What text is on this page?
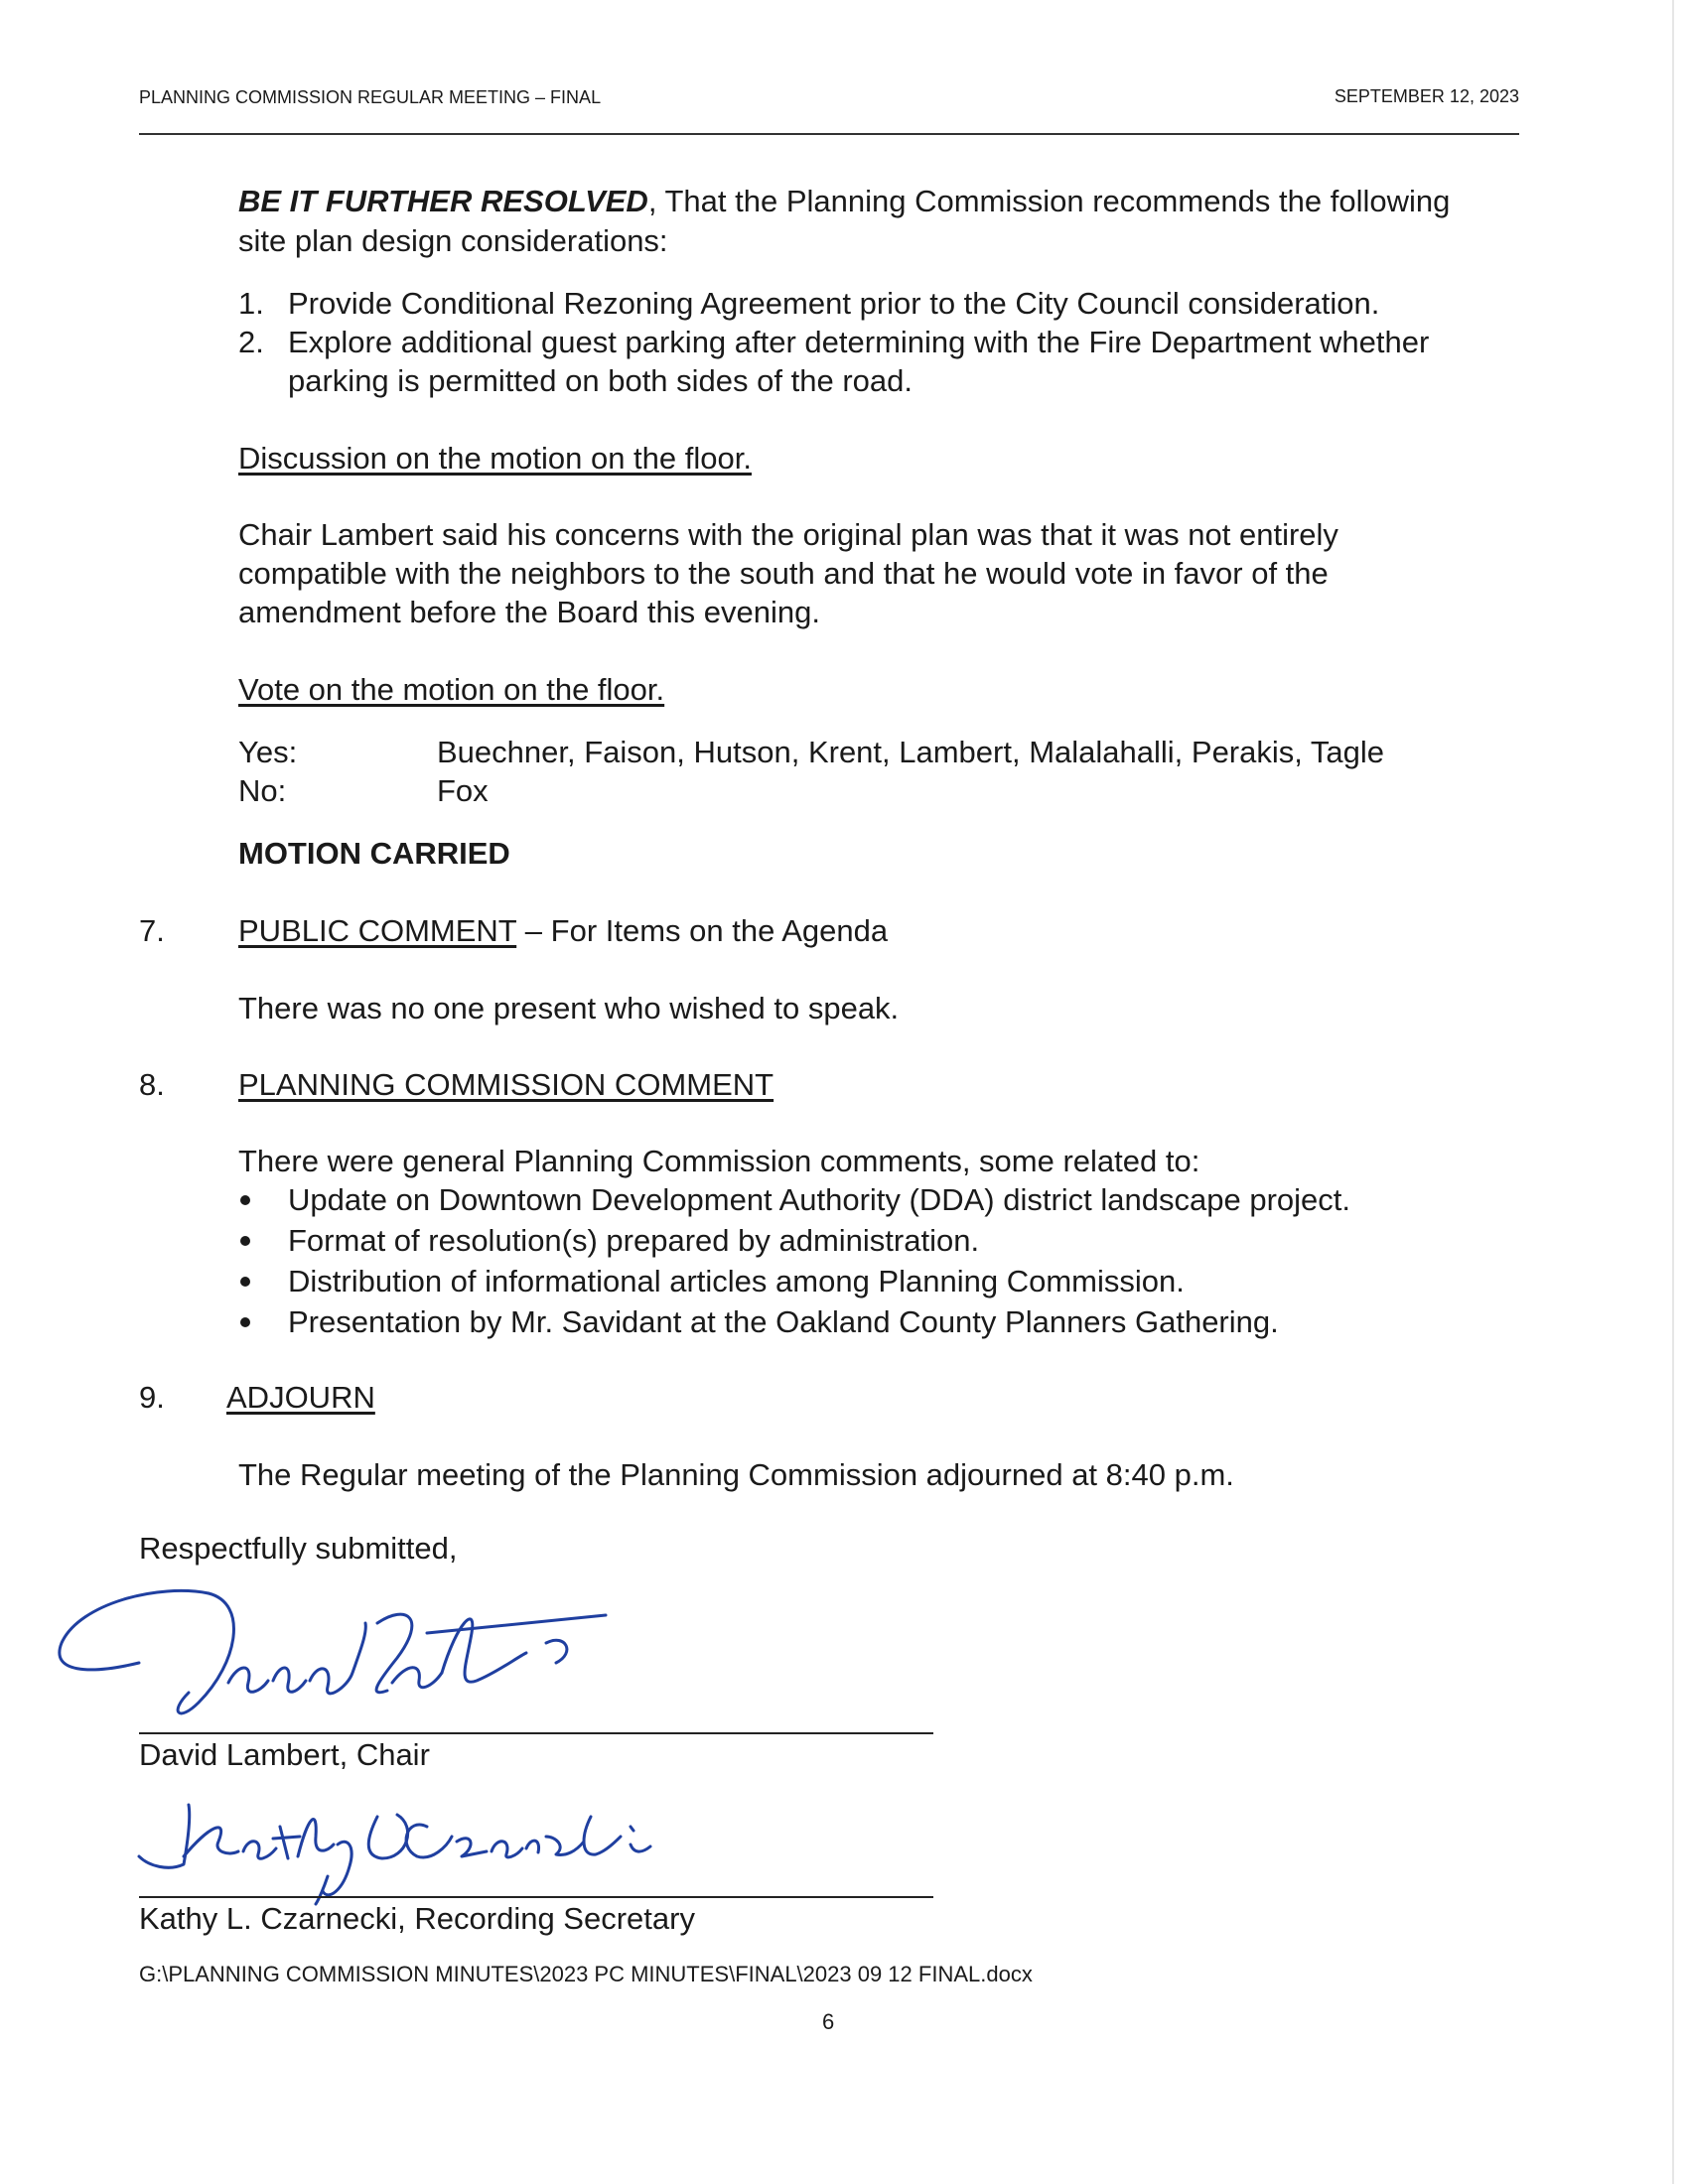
PLANNING COMMISSION REGULAR MEETING – FINAL	SEPTEMBER 12, 2023
BE IT FURTHER RESOLVED, That the Planning Commission recommends the following
site plan design considerations:
1. Provide Conditional Rezoning Agreement prior to the City Council consideration.
2. Explore additional guest parking after determining with the Fire Department whether
parking is permitted on both sides of the road.
Discussion on the motion on the floor.
Chair Lambert said his concerns with the original plan was that it was not entirely
compatible with the neighbors to the south and that he would vote in favor of the
amendment before the Board this evening.
Vote on the motion on the floor.
Yes:	Buechner, Faison, Hutson, Krent, Lambert, Malalahalli, Perakis, Tagle
No:	Fox
MOTION CARRIED
7. PUBLIC COMMENT – For Items on the Agenda
There was no one present who wished to speak.
8. PLANNING COMMISSION COMMENT
There were general Planning Commission comments, some related to:
Update on Downtown Development Authority (DDA) district landscape project.
Format of resolution(s) prepared by administration.
Distribution of informational articles among Planning Commission.
Presentation by Mr. Savidant at the Oakland County Planners Gathering.
9. ADJOURN
The Regular meeting of the Planning Commission adjourned at 8:40 p.m.
Respectfully submitted,
David Lambert, Chair
Kathy L. Czarnecki, Recording Secretary
G:\PLANNING COMMISSION MINUTES\2023 PC MINUTES\FINAL\2023 09 12 FINAL.docx
6
